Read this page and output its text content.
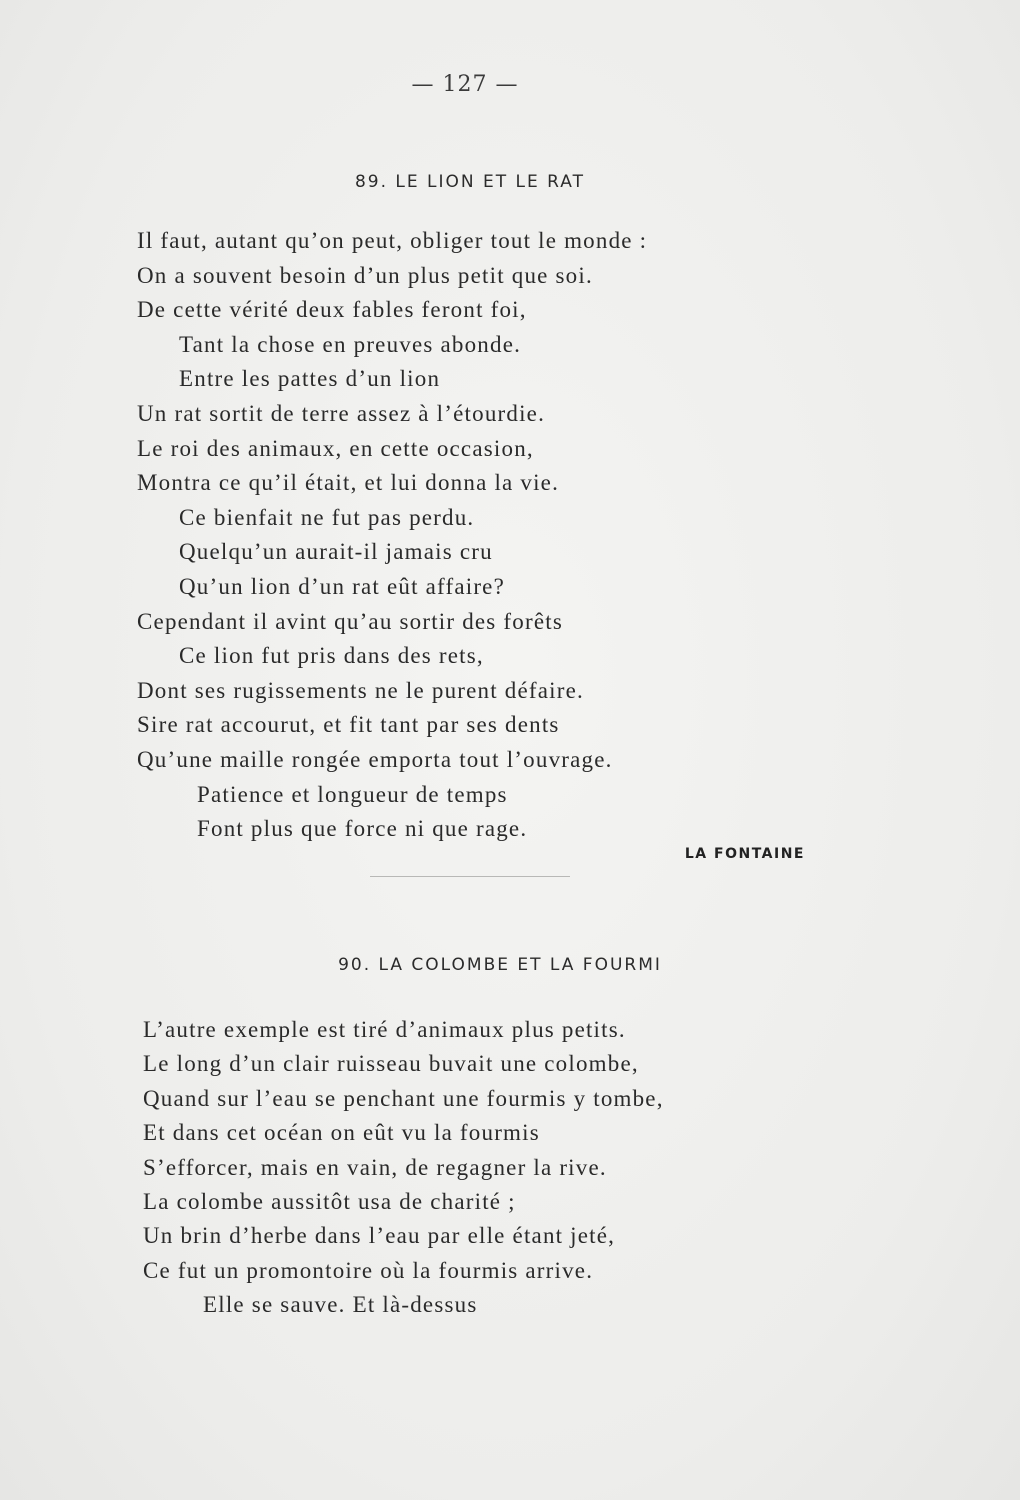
— 127 —
89. LE LION ET LE RAT
Il faut, autant qu’on peut, obliger tout le monde :
On a souvent besoin d’un plus petit que soi.
De cette vérité deux fables feront foi,
Tant la chose en preuves abonde.
Entre les pattes d’un lion
Un rat sortit de terre assez à l’étourdie.
Le roi des animaux, en cette occasion,
Montra ce qu’il était, et lui donna la vie.
Ce bienfait ne fut pas perdu.
Quelqu’un aurait-il jamais cru
Qu’un lion d’un rat eût affaire?
Cependant il avint qu’au sortir des forêts
Ce lion fut pris dans des rets,
Dont ses rugissements ne le purent défaire.
Sire rat accourut, et fit tant par ses dents
Qu’une maille rongée emporta tout l’ouvrage.
Patience et longueur de temps
Font plus que force ni que rage.
LA FONTAINE
90. LA COLOMBE ET LA FOURMI
L’autre exemple est tiré d’animaux plus petits.
Le long d’un clair ruisseau buvait une colombe,
Quand sur l’eau se penchant une fourmis y tombe,
Et dans cet océan on eût vu la fourmis
S’efforcer, mais en vain, de regagner la rive.
La colombe aussitôt usa de charité ;
Un brin d’herbe dans l’eau par elle étant jeté,
Ce fut un promontoire où la fourmis arrive.
Elle se sauve. Et là-dessus
